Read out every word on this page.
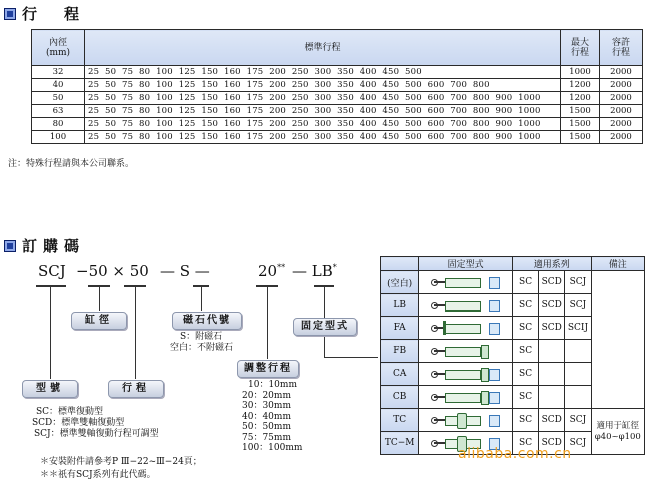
行　程
內徑
(mm)	標準行程	最大
行程	容許
行程
32	25  50  75  80  100  125  150  160  175  200  250  300  350  400  450  500	1000	2000
40	25  50  75  80  100  125  150  160  175  200  250  300  350  400  450  500  600  700  800	1200	2000
50	25  50  75  80  100  125  150  160  175  200  250  300  350  400  450  500  600  700  800  900  1000	1200	2000
63	25  50  75  80  100  125  150  160  175  200  250  300  350  400  450  500  600  700  800  900  1000	1500	2000
80	25  50  75  80  100  125  150  160  175  200  250  300  350  400  450  500  600  700  800  900  1000	1500	2000
100	25  50  75  80  100  125  150  160  175  200  250  300  350  400  450  500  600  700  800  900  1000	1500	2000
注：特殊行程請與本公司聯系。
訂購碼
SCJ −50 × 50 — S —	20** — LB*
缸徑	磁石代號
固定型式
調整行程
型號	行程
S：附磁石
空白：不附磁石
SC：標準復動型
SCD：標準雙軸復動型
SCJ：標準雙軸復動行程可調型
10：10mm
20：20mm
30：30mm
40：40mm
50：50mm
75：75mm
100：100mm
＊安裝附件請參考P Ⅲ−22~Ⅲ−24頁；
＊＊祇有SCJ系列有此代碼。
	固定型式	適用系列			備注
(空白)		SC	SCD	SCJ	
LB		SC	SCD	SCJ	
FA		SC	SCD	SCIJ	
FB		SC			
CA		SC			
CB		SC			
TC		SC	SCD	SCJ	適用于缸徑
φ40~φ100
TC−M		SC	SCD	SCJ	
alibaba.com.cn
